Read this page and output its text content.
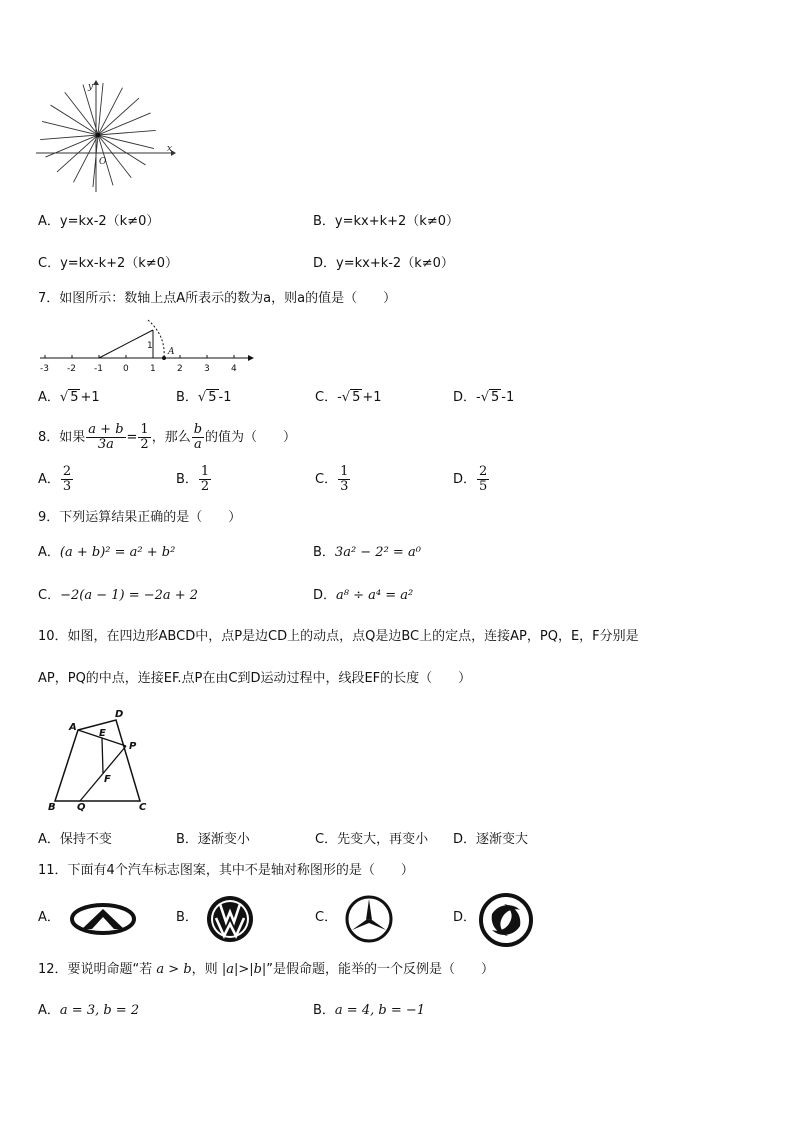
y
x
O
A．y=kx-2（k≠0）	B．y=kx+k+2（k≠0）
C．y=kx-k+2（k≠0）	D．y=kx+k-2（k≠0）
7．如图所示：数轴上点A所表示的数为a，则a的值是（　　）
-3 -2 -1 0 1 2 3 4
1
A
A．√ 5 +1	B．√ 5 -1	C．-√ 5 +1	D．-√ 5 -1
8．如果 $\frac{a + b}{3a} = \frac{1}{2}$ ，那么 $\frac{b}{a}$ 的值为（　　）
A． $\frac{2}{3}$	B． $\frac{1}{2}$	C． $\frac{1}{3}$	D． $\frac{2}{5}$
9．下列运算结果正确的是（　　）
A．(a + b)² = a² + b²	B．3a² − 2² = a⁰
C．−2(a − 1) = −2a + 2	D．a⁸ ÷ a⁴ = a²
10．如图，在四边形ABCD中，点P是边CD上的动点，点Q是边BC上的定点，连接AP，PQ，E，F分别是
AP，PQ的中点，连接EF.点P在由C到D运动过程中，线段EF的长度（　　）
A
D
E
P
F
B Q	C
A．保持不变	B．逐渐变小	C．先变大，再变小 D．逐渐变大
11．下面有4个汽车标志图案，其中不是轴对称图形的是（　　）
A．	B．	C．	D．
12．要说明命题“若 a > b，则 |a|>|b|”是假命题，能举的一个反例是（　　）
A．a = 3, b = 2	B．a = 4, b = −1
